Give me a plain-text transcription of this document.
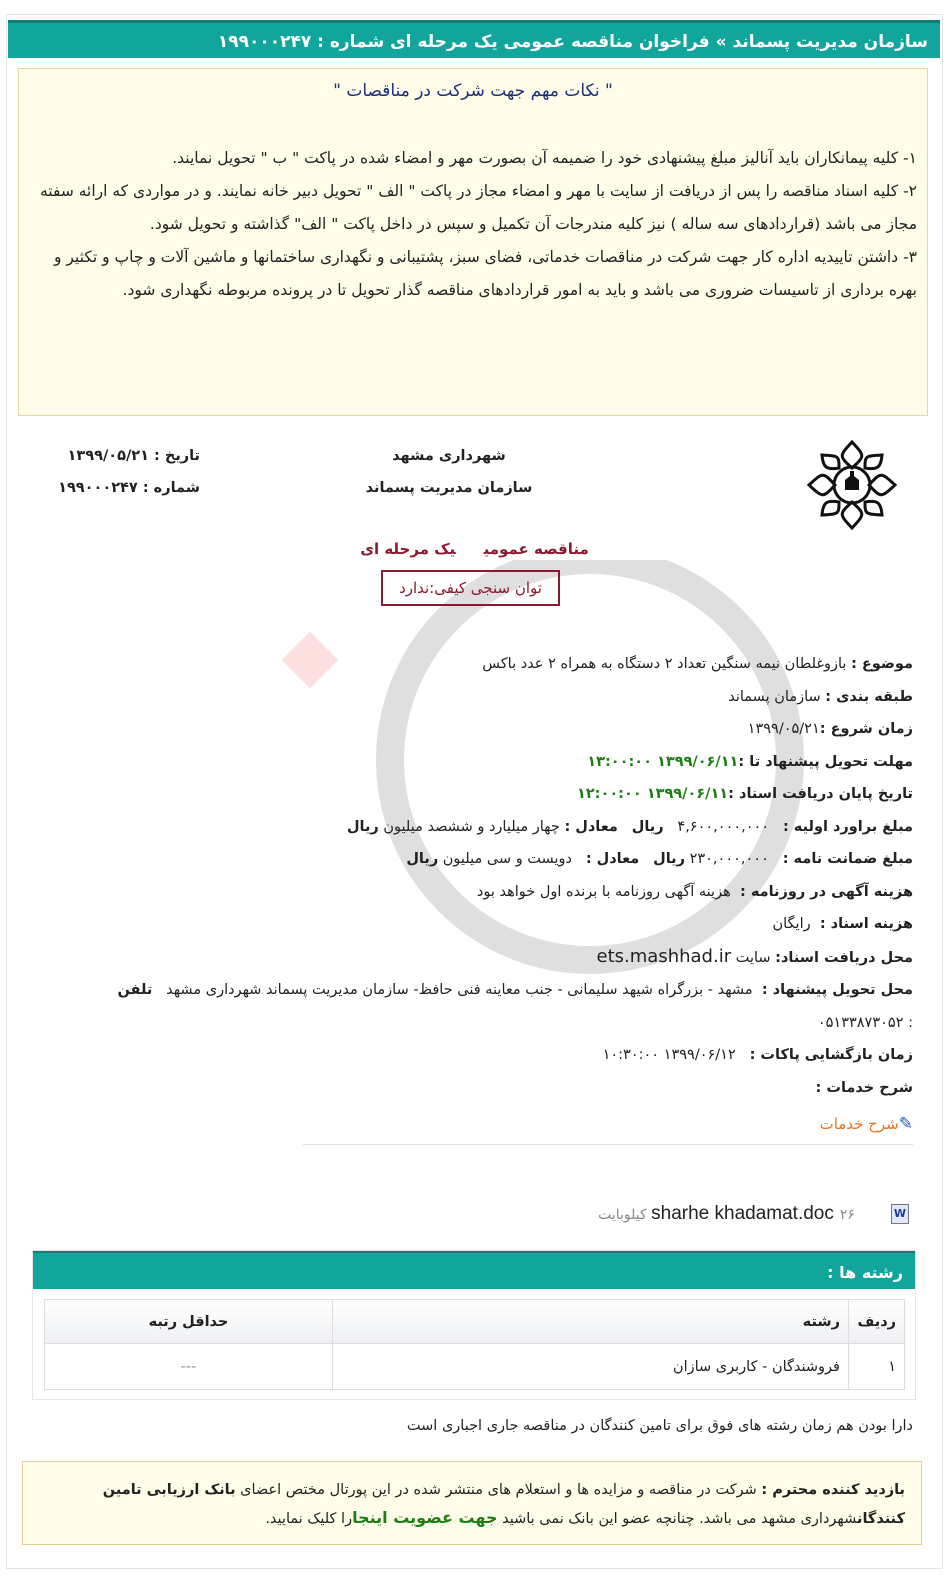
سازمان مدیریت پسماند » فراخوان مناقصه عمومی یک مرحله ای شماره : ۱۹۹۰۰۰۲۴۷
" نکات مهم جهت شرکت در مناقصات "
۱- کلیه پیمانکاران باید آنالیز مبلغ پیشنهادی خود را ضمیمه آن بصورت مهر و امضاء شده در پاکت " ب " تحویل نمایند.
۲- کلیه اسناد مناقصه را پس از دریافت از سایت با مهر و امضاء مجاز در پاکت " الف " تحویل دبیر خانه نمایند. و در مواردی که ارائه سفته مجاز می باشد (قراردادهای سه ساله ) نیز کلیه مندرجات آن تکمیل و سپس در داخل پاکت " الف" گذاشته و تحویل شود.
۳- داشتن تاییدیه اداره کار جهت شرکت در مناقصات خدماتی، فضای سبز، پشتیبانی و نگهداری ساختمانها و ماشین آلات و چاپ و تکثیر و بهره برداری از تاسیسات ضروری می باشد و باید به امور قراردادهای مناقصه گذار تحویل تا در پرونده مربوطه نگهداری شود.
شهرداری مشهد
سازمان مدیریت پسماند
تاریخ : ۱۳۹۹/۰۵/۲۱
شماره : ۱۹۹۰۰۰۲۴۷
مناقصه عمومییک مرحله ای
توان سنجی کیفی:ندارد
موضوع : بازوغلطان نیمه سنگین تعداد ۲ دستگاه به همراه ۲ عدد باکس
طبقه بندی : سازمان پسماند
زمان شروع :۱۳۹۹/۰۵/۲۱
مهلت تحویل پیشنهاد تا :۱۳۹۹/۰۶/۱۱ ۱۳:۰۰:۰۰
تاریخ پایان دریافت اسناد :۱۳۹۹/۰۶/۱۱ ۱۲:۰۰:۰۰
مبلغ براورد اولیه :   ۴,۶۰۰,۰۰۰,۰۰۰   ریال   معادل : چهار میلیارد و ششصد میلیون ریال
مبلغ ضمانت نامه :   ۲۳۰,۰۰۰,۰۰۰ ریال   معادل :   دویست و سی میلیون ریال
هزینه آگهی در روزنامه :  هزینه آگهی روزنامه با برنده اول خواهد بود
هزینه اسناد :  رایگان
محل دریافت اسناد: سایت ets.mashhad.ir
محل تحویل پیشنهاد :  مشهد - بزرگراه شیهد سلیمانی - جنب معاینه فنی حافظ- سازمان مدیریت پسماند شهرداری مشهد   تلفن
: ۰۵۱۳۳۸۷۳۰۵۲
زمان بازگشایی پاکات :   ۱۳۹۹/۰۶/۱۲ ۱۰:۳۰:۰۰
شرح خدمات :
✎شرح خدمات
W sharhe khadamat.doc ۲۶ کیلوبایت
رشته ها :
ردیف	رشته	حداقل رتبه
۱	فروشندگان - کاربری سازان	---
دارا بودن هم زمان رشته های فوق برای تامین کنندگان در مناقصه جاری اجباری است
بازدید کننده محترم : شرکت در مناقصه و مزایده ها و استعلام های منتشر شده در این پورتال مختص اعضای بانک ارزیابی تامین کنندگانشهرداری مشهد می باشد. چنانچه عضو این بانک نمی باشید جهت عضویت اینجارا کلیک نمایید.
